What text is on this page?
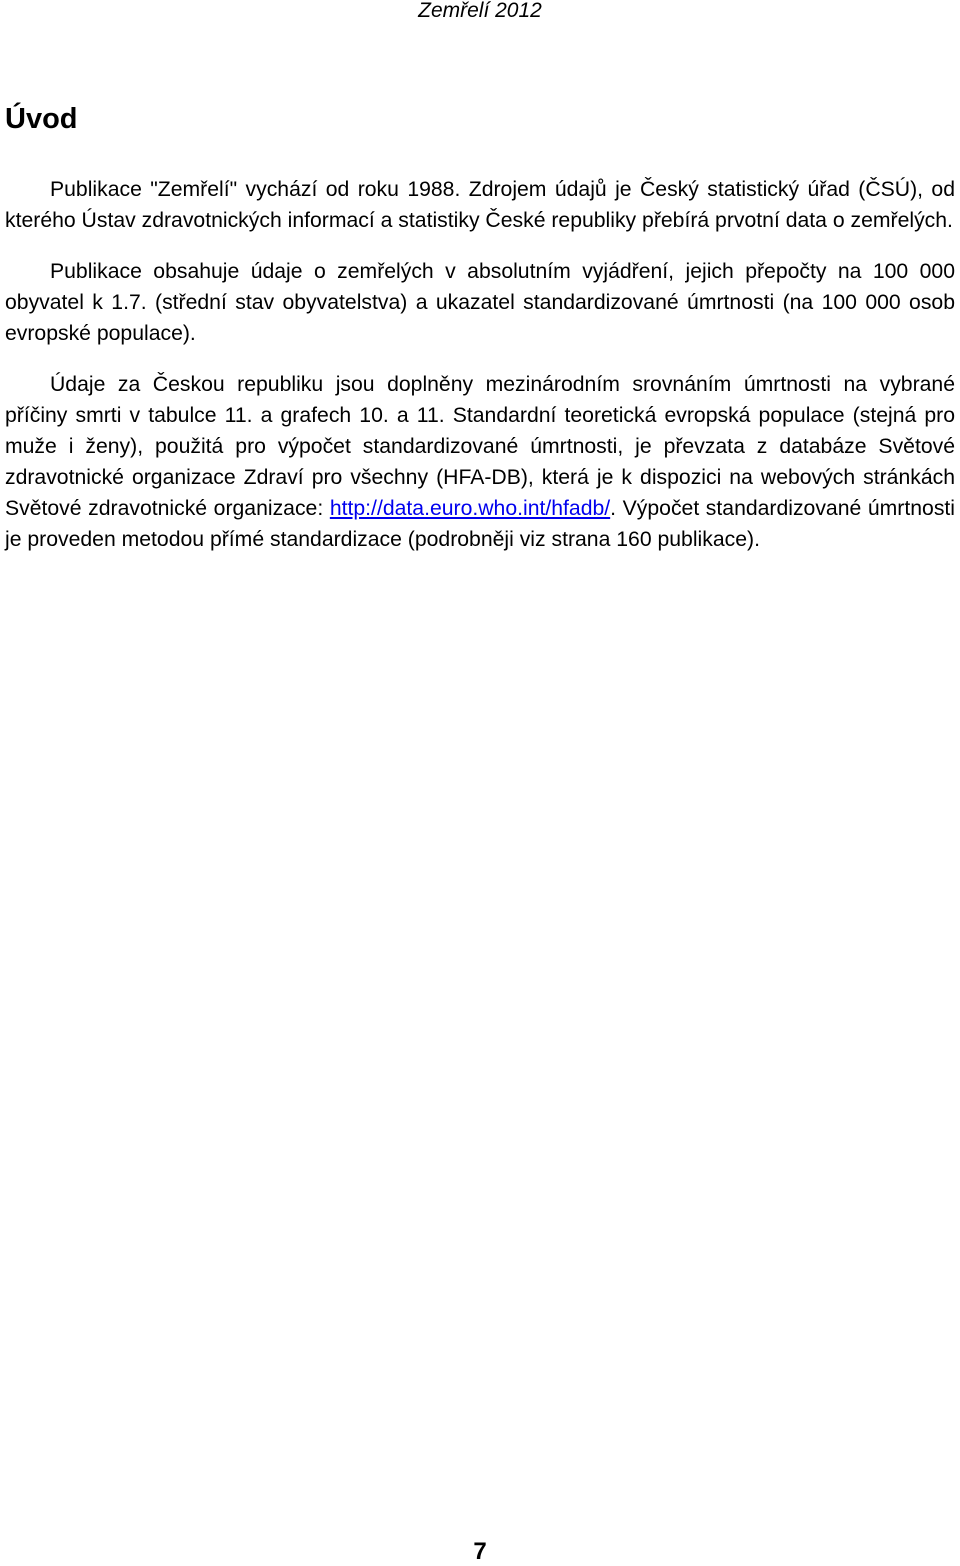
Zemřelí 2012
Úvod

Publikace "Zemřelí" vychází od roku 1988. Zdrojem údajů je Český statistický úřad (ČSÚ), od kterého Ústav zdravotnických informací a statistiky České republiky přebírá prvotní data o zemřelých.

Publikace obsahuje údaje o zemřelých v absolutním vyjádření, jejich přepočty na 100 000 obyvatel k 1.7. (střední stav obyvatelstva) a ukazatel standardizované úmrtnosti (na 100 000 osob evropské populace).

Údaje za Českou republiku jsou doplněny mezinárodním srovnáním úmrtnosti na vybrané příčiny smrti v tabulce 11. a grafech 10. a 11. Standardní teoretická evropská populace (stejná pro muže i ženy), použitá pro výpočet standardizované úmrtnosti, je převzata z databáze Světové zdravotnické organizace Zdraví pro všechny (HFA-DB), která je k dispozici na webových stránkách Světové zdravotnické organizace: http://data.euro.who.int/hfadb/. Výpočet standardizované úmrtnosti je proveden metodou přímé standardizace (podrobněji viz strana 160 publikace).

7
